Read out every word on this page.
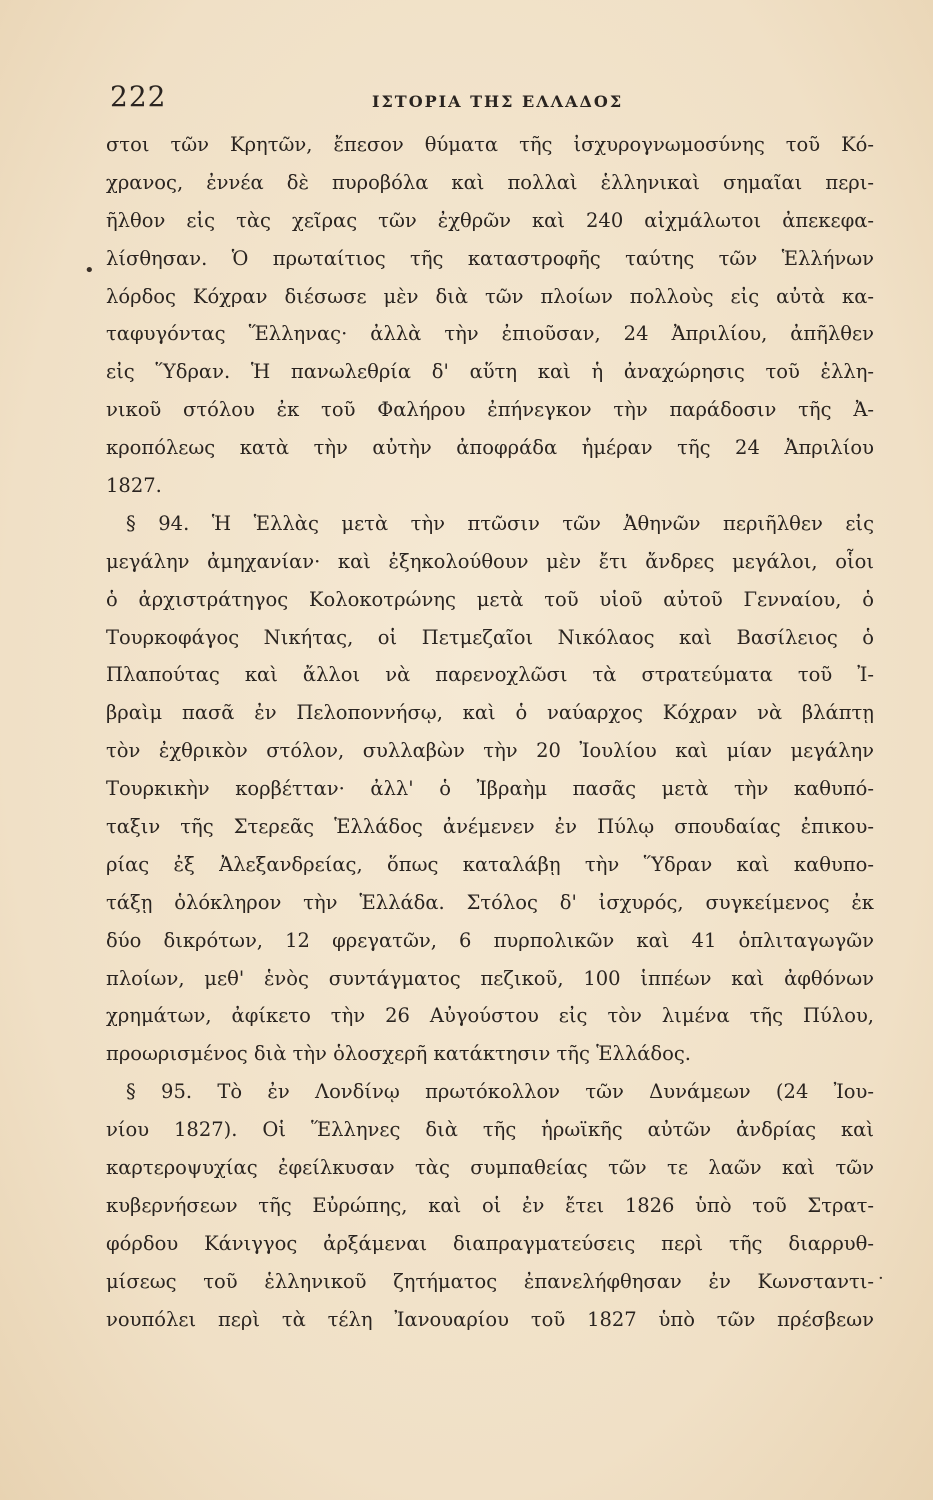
222	ΙΣΤΟΡΙΑ ΤΗΣ ΕΛΛΑΔΟΣ
•
·
στοι τῶν Κρητῶν, ἔπεσον θύματα τῆς ἰσχυρογνωμοσύνης τοῦ Κό-
χρανος, ἐννέα δὲ πυροβόλα καὶ πολλαὶ ἑλληνικαὶ σημαῖαι περι-
ῆλθον εἰς τὰς χεῖρας τῶν ἐχθρῶν καὶ 240 αἰχμάλωτοι ἀπεκεφα-
λίσθησαν. Ὁ πρωταίτιος τῆς καταστροφῆς ταύτης τῶν Ἑλλήνων
λόρδος Κόχραν διέσωσε μὲν διὰ τῶν πλοίων πολλοὺς εἰς αὐτὰ κα-
ταφυγόντας Ἕλληνας· ἀλλὰ τὴν ἐπιοῦσαν, 24 Ἀπριλίου, ἀπῆλθεν
εἰς Ὕδραν. Ἡ πανωλεθρία δ' αὕτη καὶ ἡ ἀναχώρησις τοῦ ἑλλη-
νικοῦ στόλου ἐκ τοῦ Φαλήρου ἐπήνεγκον τὴν παράδοσιν τῆς Ἀ-
κροπόλεως κατὰ τὴν αὐτὴν ἀποφράδα ἡμέραν τῆς 24 Ἀπριλίου
1827.
§ 94. Ἡ Ἑλλὰς μετὰ τὴν πτῶσιν τῶν Ἀθηνῶν περιῆλθεν εἰς
μεγάλην ἀμηχανίαν· καὶ ἐξηκολούθουν μὲν ἔτι ἄνδρες μεγάλοι, οἷοι
ὁ ἀρχιστράτηγος Κολοκοτρώνης μετὰ τοῦ υἱοῦ αὐτοῦ Γενναίου, ὁ
Τουρκοφάγος Νικήτας, οἱ Πετμεζαῖοι Νικόλαος καὶ Βασίλειος ὁ
Πλαπούτας καὶ ἄλλοι νὰ παρενοχλῶσι τὰ στρατεύματα τοῦ Ἰ-
βραὶμ πασᾶ ἐν Πελοποννήσῳ, καὶ ὁ ναύαρχος Κόχραν νὰ βλάπτῃ
τὸν ἐχθρικὸν στόλον, συλλαβὼν τὴν 20 Ἰουλίου καὶ μίαν μεγάλην
Τουρκικὴν κορβέτταν· ἀλλ' ὁ Ἰβραὴμ πασᾶς μετὰ τὴν καθυπό-
ταξιν τῆς Στερεᾶς Ἑλλάδος ἀνέμενεν ἐν Πύλῳ σπουδαίας ἐπικου-
ρίας ἐξ Ἀλεξανδρείας, ὅπως καταλάβῃ τὴν Ὕδραν καὶ καθυπο-
τάξῃ ὁλόκληρον τὴν Ἑλλάδα. Στόλος δ' ἰσχυρός, συγκείμενος ἐκ
δύο δικρότων, 12 φρεγατῶν, 6 πυρπολικῶν καὶ 41 ὁπλιταγωγῶν
πλοίων, μεθ' ἑνὸς συντάγματος πεζικοῦ, 100 ἱππέων καὶ ἀφθόνων
χρημάτων, ἀφίκετο τὴν 26 Αὐγούστου εἰς τὸν λιμένα τῆς Πύλου,
προωρισμένος διὰ τὴν ὁλοσχερῆ κατάκτησιν τῆς Ἑλλάδος.
§ 95. Τὸ ἐν Λονδίνῳ πρωτόκολλον τῶν Δυνάμεων (24 Ἰου-
νίου 1827). Οἱ Ἕλληνες διὰ τῆς ἡρωϊκῆς αὐτῶν ἀνδρίας καὶ
καρτεροψυχίας ἐφείλκυσαν τὰς συμπαθείας τῶν τε λαῶν καὶ τῶν
κυβερνήσεων τῆς Εὐρώπης, καὶ οἱ ἐν ἔτει 1826 ὑπὸ τοῦ Στρατ-
φόρδου Κάνιγγος ἀρξάμεναι διαπραγματεύσεις περὶ τῆς διαρρυθ-
μίσεως τοῦ ἑλληνικοῦ ζητήματος ἐπανελήφθησαν ἐν Κωνσταντι-
νουπόλει περὶ τὰ τέλη Ἰανουαρίου τοῦ 1827 ὑπὸ τῶν πρέσβεων
